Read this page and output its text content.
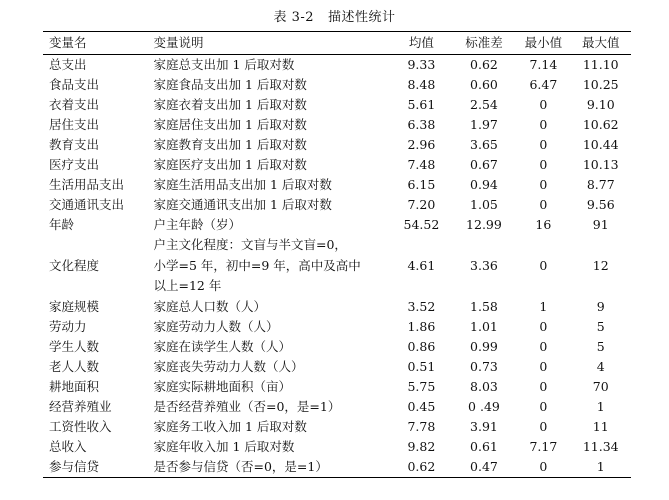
表 3-2 描述性统计
变量名	变量说明	均值	标准差	最小值	最大值
总支出	家庭总支出加 1 后取对数	9.33	0.62	7.14	11.10
食品支出	家庭食品支出加 1 后取对数	8.48	0.60	6.47	10.25
衣着支出	家庭衣着支出加 1 后取对数	5.61	2.54	0	9.10
居住支出	家庭居住支出加 1 后取对数	6.38	1.97	0	10.62
教育支出	家庭教育支出加 1 后取对数	2.96	3.65	0	10.44
医疗支出	家庭医疗支出加 1 后取对数	7.48	0.67	0	10.13
生活用品支出	家庭生活用品支出加 1 后取对数	6.15	0.94	0	8.77
交通通讯支出	家庭交通通讯支出加 1 后取对数	7.20	1.05	0	9.56
年龄	户主年龄（岁）	54.52	12.99	16	91
文化程度	户主文化程度：文盲与半文盲=0，
小学=5 年，初中=9 年，高中及高中
以上=12 年	4.61	3.36	0	12
家庭规模	家庭总人口数（人）	3.52	1.58	1	9
劳动力	家庭劳动力人数（人）	1.86	1.01	0	5
学生人数	家庭在读学生人数（人）	0.86	0.99	0	5
老人人数	家庭丧失劳动力人数（人）	0.51	0.73	0	4
耕地面积	家庭实际耕地面积（亩）	5.75	8.03	0	70
经营养殖业	是否经营养殖业（否=0，是=1）	0.45	0 .49	0	1
工资性收入	家庭务工收入加 1 后取对数	7.78	3.91	0	11
总收入	家庭年收入加 1 后取对数	9.82	0.61	7.17	11.34
参与信贷	是否参与信贷（否=0，是=1）	0.62	0.47	0	1
